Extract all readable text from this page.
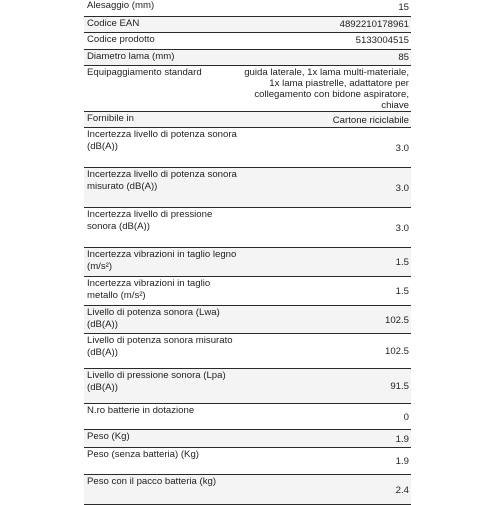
Alesaggio (mm)	15
Codice EAN	4892210178961
Codice prodotto	5133004515
Diametro lama (mm)	85
Equipaggiamento standard	guida laterale, 1x lama multi-materiale, 1x lama piastrelle, adattatore per collegamento con bidone aspiratore, chiave
Fornibile in	Cartone riciclabile
Incertezza livello di potenza sonora (dB(A))	3.0
Incertezza livello di potenza sonora misurato (dB(A))	3.0
Incertezza livello di pressione sonora (dB(A))	3.0
Incertezza vibrazioni in taglio legno (m/s²)	1.5
Incertezza vibrazioni in taglio metallo (m/s²)	1.5
Livello di potenza sonora (Lwa)(dB(A))	102.5
Livello di potenza sonora misurato (dB(A))	102.5
Livello di pressione sonora (Lpa)(dB(A))	91.5
N.ro batterie in dotazione	0
Peso (Kg)	1.9
Peso (senza batteria) (Kg)	1.9
Peso con il pacco batteria (kg)	2.4
